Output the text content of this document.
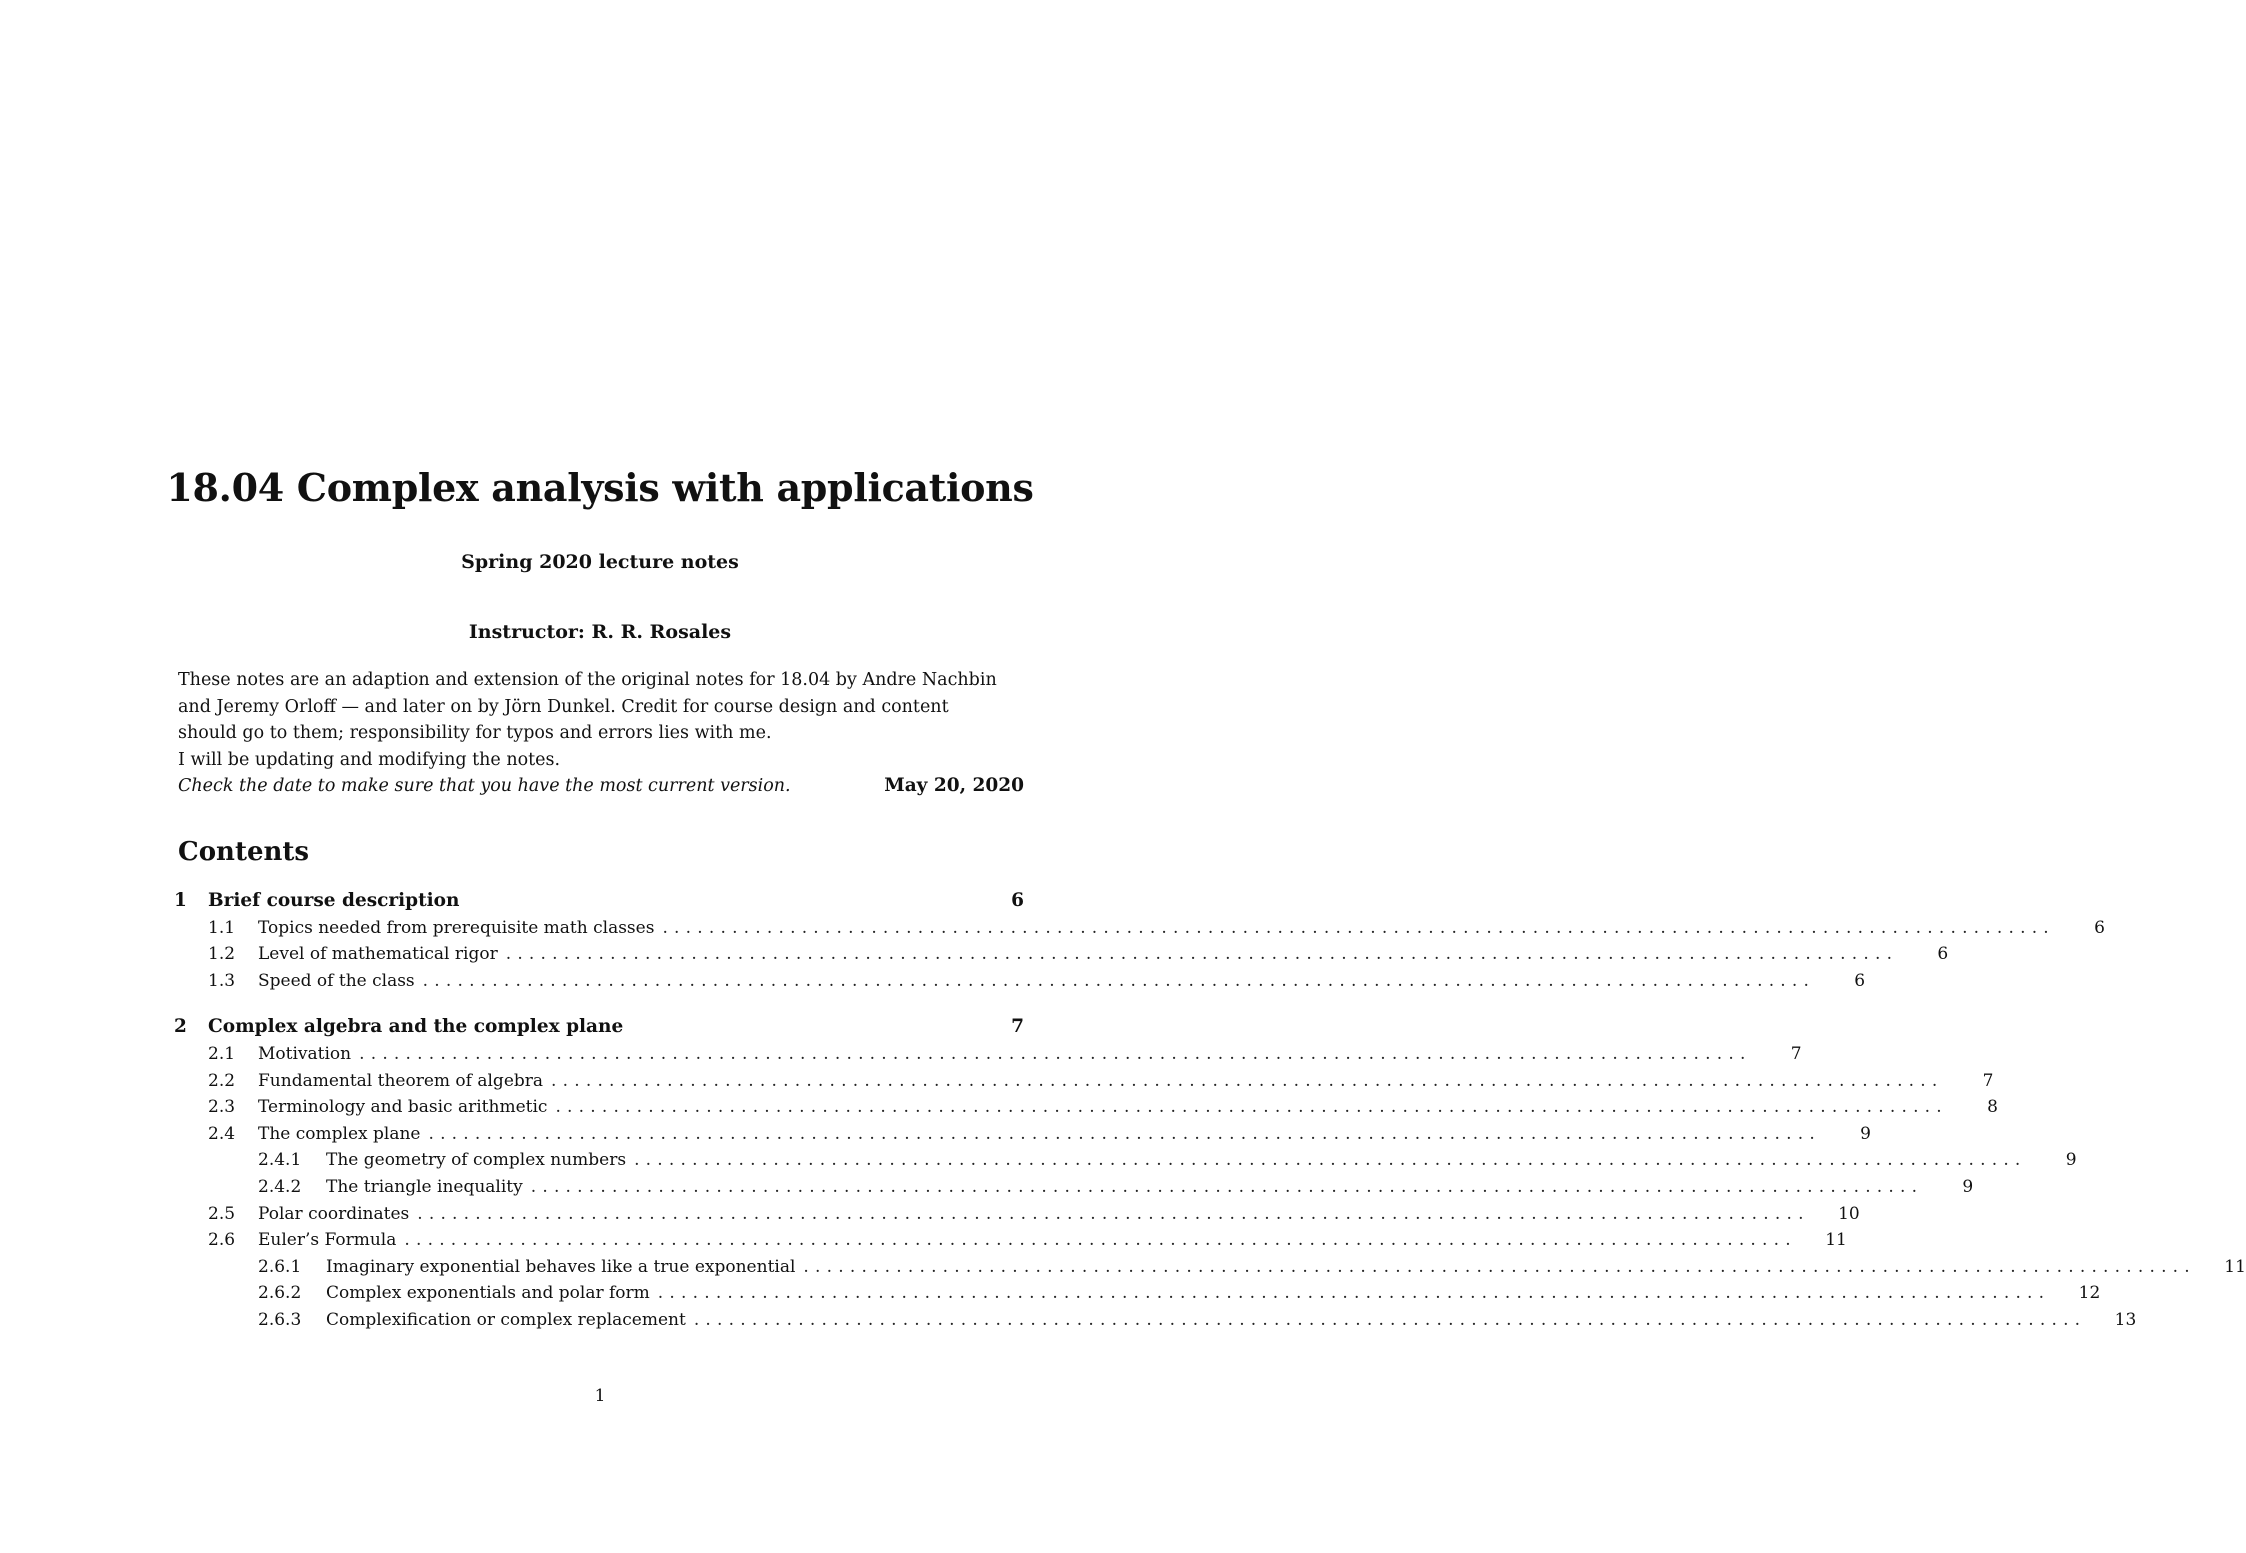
18.04 Complex analysis with applications
Spring 2020 lecture notes
Instructor: R. R. Rosales
These notes are an adaption and extension of the original notes for 18.04 by Andre Nachbin
and Jeremy Orloff — and later on by Jörn Dunkel. Credit for course design and content
should go to them; responsibility for typos and errors lies with me.
I will be updating and modifying the notes.
Check the date to make sure that you have the most current version.	May 20, 2020
Contents
1	Brief course description	6
1.1	Topics needed from prerequisite math classes ........................................................................................................................	6
1.2	Level of mathematical rigor ........................................................................................................................	6
1.3	Speed of the class ........................................................................................................................	6
2	Complex algebra and the complex plane	7
2.1	Motivation ........................................................................................................................	7
2.2	Fundamental theorem of algebra ........................................................................................................................	7
2.3	Terminology and basic arithmetic ........................................................................................................................	8
2.4	The complex plane ........................................................................................................................	9
2.4.1	The geometry of complex numbers ........................................................................................................................	9
2.4.2	The triangle inequality ........................................................................................................................	9
2.5	Polar coordinates ........................................................................................................................	10
2.6	Euler’s Formula ........................................................................................................................	11
2.6.1	Imaginary exponential behaves like a true exponential ........................................................................................................................	11
2.6.2	Complex exponentials and polar form ........................................................................................................................	12
2.6.3	Complexification or complex replacement ........................................................................................................................	13
1
